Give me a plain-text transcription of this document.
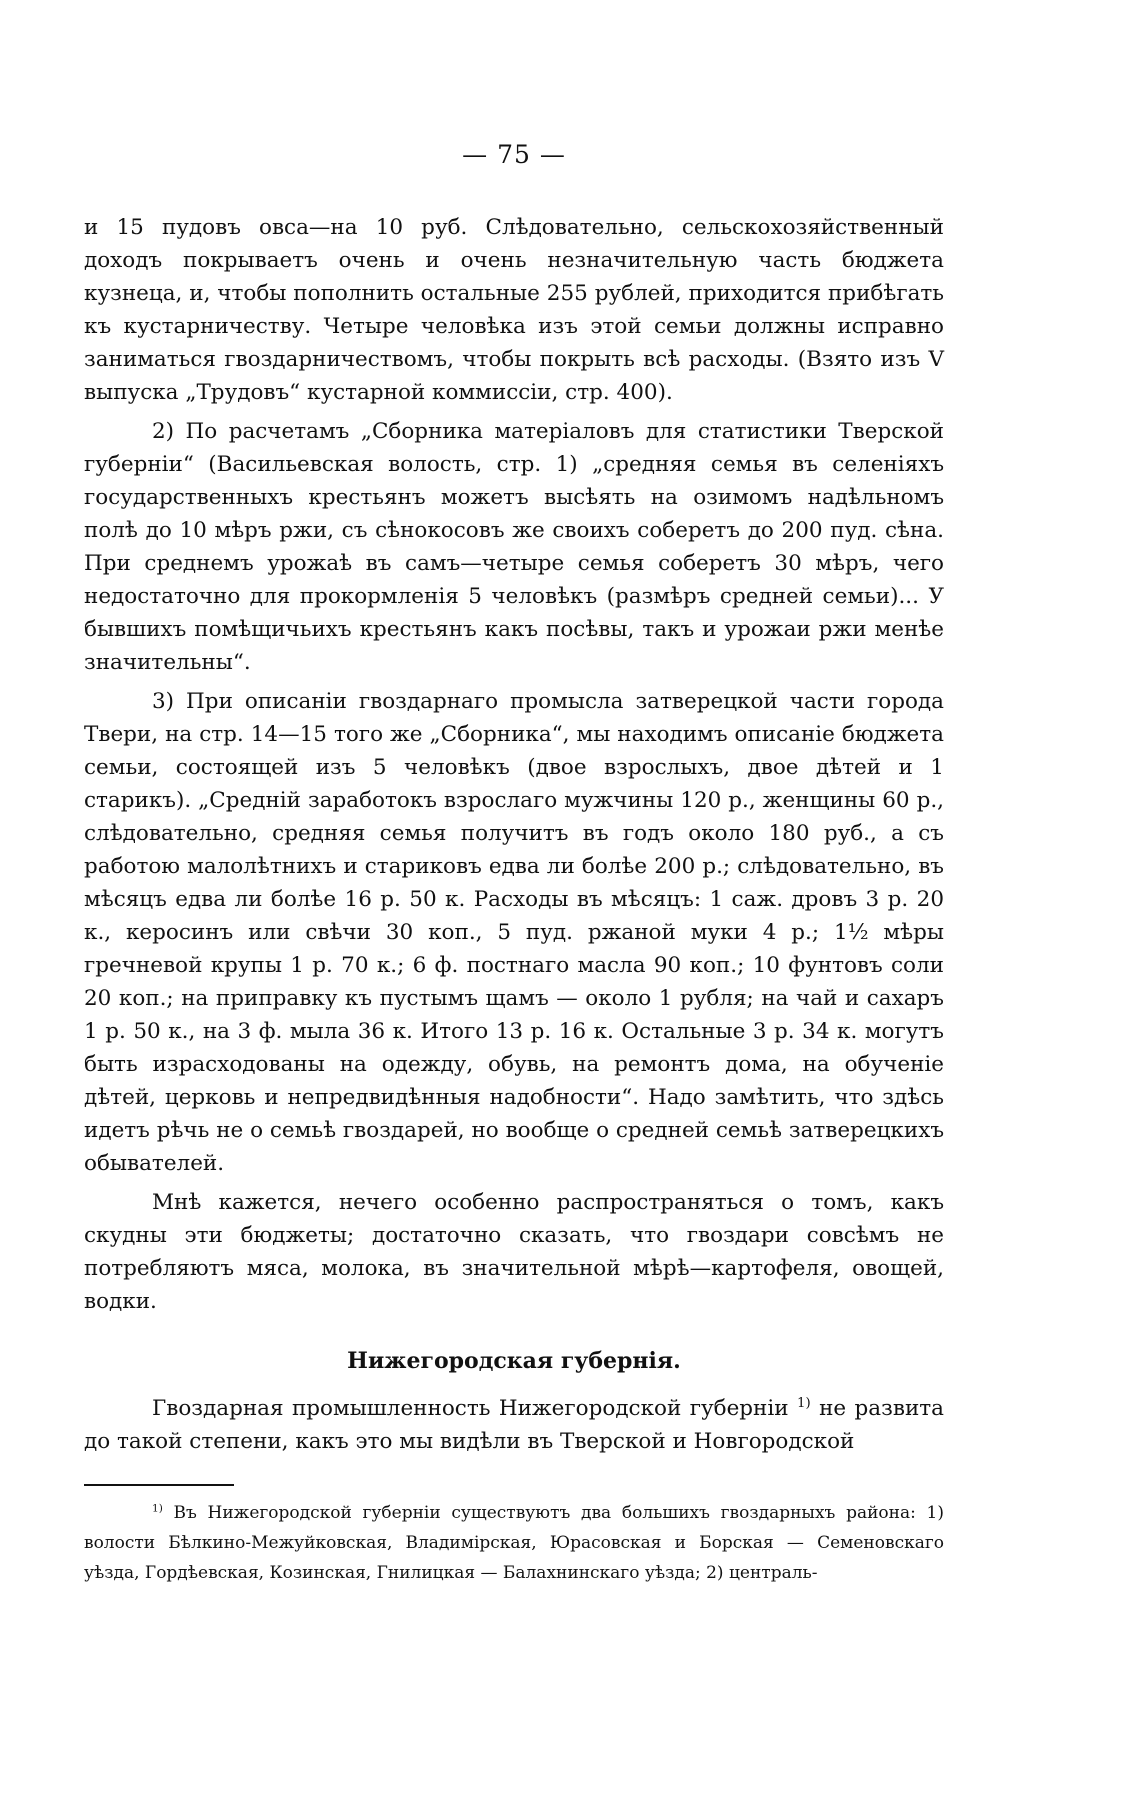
— 75 —

и 15 пудовъ овса—на 10 руб. Слѣдовательно, сельскохозяйственный доходъ покрываетъ очень и очень незначительную часть бюджета кузнеца, и, чтобы пополнить остальные 255 рублей, приходится прибѣгать къ кустарничеству. Четыре человѣка изъ этой семьи должны исправно заниматься гвоздарничествомъ, чтобы покрыть всѣ расходы. (Взято изъ V выпуска „Трудовъ“ кустарной коммиссіи, стр. 400).

2) По расчетамъ „Сборника матеріаловъ для статистики Тверской губерніи“ (Васильевская волость, стр. 1) „средняя семья въ селеніяхъ государственныхъ крестьянъ можетъ высѣять на озимомъ надѣльномъ полѣ до 10 мѣръ ржи, съ сѣнокосовъ же своихъ соберетъ до 200 пуд. сѣна. При среднемъ урожаѣ въ самъ—четыре семья соберетъ 30 мѣръ, чего недостаточно для прокормленія 5 человѣкъ (размѣръ средней семьи)... У бывшихъ помѣщичьихъ крестьянъ какъ посѣвы, такъ и урожаи ржи менѣе значительны“.

3) При описаніи гвоздарнаго промысла затверецкой части города Твери, на стр. 14—15 того же „Сборника“, мы находимъ описаніе бюджета семьи, состоящей изъ 5 человѣкъ (двое взрослыхъ, двое дѣтей и 1 старикъ). „Средній заработокъ взрослаго мужчины 120 р., женщины 60 р., слѣдовательно, средняя семья получитъ въ годъ около 180 руб., а съ работою малолѣтнихъ и стариковъ едва ли болѣе 200 р.; слѣдовательно, въ мѣсяцъ едва ли болѣе 16 р. 50 к. Расходы въ мѣсяцъ: 1 саж. дровъ 3 р. 20 к., керосинъ или свѣчи 30 коп., 5 пуд. ржаной муки 4 р.; 1½ мѣры гречневой крупы 1 р. 70 к.; 6 ф. постнаго масла 90 коп.; 10 фунтовъ соли 20 коп.; на приправку къ пустымъ щамъ — около 1 рубля; на чай и сахаръ 1 р. 50 к., на 3 ф. мыла 36 к. Итого 13 р. 16 к. Остальные 3 р. 34 к. могутъ быть израсходованы на одежду, обувь, на ремонтъ дома, на обученіе дѣтей, церковь и непредвидѣнныя надобности“. Надо замѣтить, что здѣсь идетъ рѣчь не о семьѣ гвоздарей, но вообще о средней семьѣ затверецкихъ обывателей.

Мнѣ кажется, нечего особенно распространяться о томъ, какъ скудны эти бюджеты; достаточно сказать, что гвоздари совсѣмъ не потребляютъ мяса, молока, въ значительной мѣрѣ—картофеля, овощей, водки.

Нижегородская губернія.

Гвоздарная промышленность Нижегородской губерніи $^{1)}$ не развита до такой степени, какъ это мы видѣли въ Тверской и Новгородской

$^{1)}$ Въ Нижегородской губерніи существуютъ два большихъ гвоздарныхъ района: 1) волости Бѣлкино-Межуйковская, Владимірская, Юрасовская и Борская — Семеновскаго уѣзда, Гордѣевская, Козинская, Гнилицкая — Балахнинскаго уѣзда; 2) централь-
